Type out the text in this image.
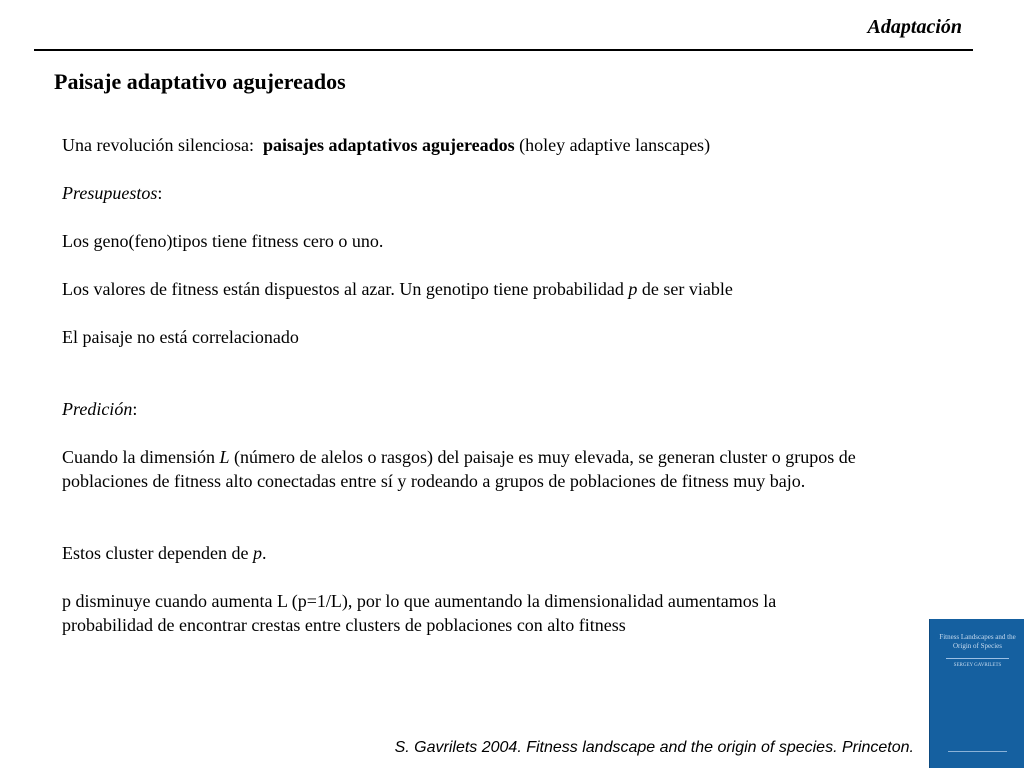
Adaptación
Paisaje adaptativo agujereados
Una revolución silenciosa:  paisajes adaptativos agujereados (holey adaptive lanscapes)
Presupuestos:
Los geno(feno)tipos tiene fitness cero o uno.
Los valores de fitness están dispuestos al azar. Un genotipo tiene probabilidad p de ser viable
El paisaje no está correlacionado
Predición:
Cuando la dimensión L (número de alelos o rasgos) del paisaje es muy elevada, se generan cluster o grupos de poblaciones de fitness alto conectadas entre sí y rodeando a grupos de poblaciones de fitness muy bajo.
Estos cluster dependen de p.
p disminuye cuando aumenta L (p=1/L), por lo que aumentando la dimensionalidad aumentamos la probabilidad de encontrar crestas entre clusters de poblaciones con alto fitness
S. Gavrilets 2004. Fitness landscape and the origin of species. Princeton.
Fitness Landscapes and the Origin of Species
SERGEY GAVRILETS
